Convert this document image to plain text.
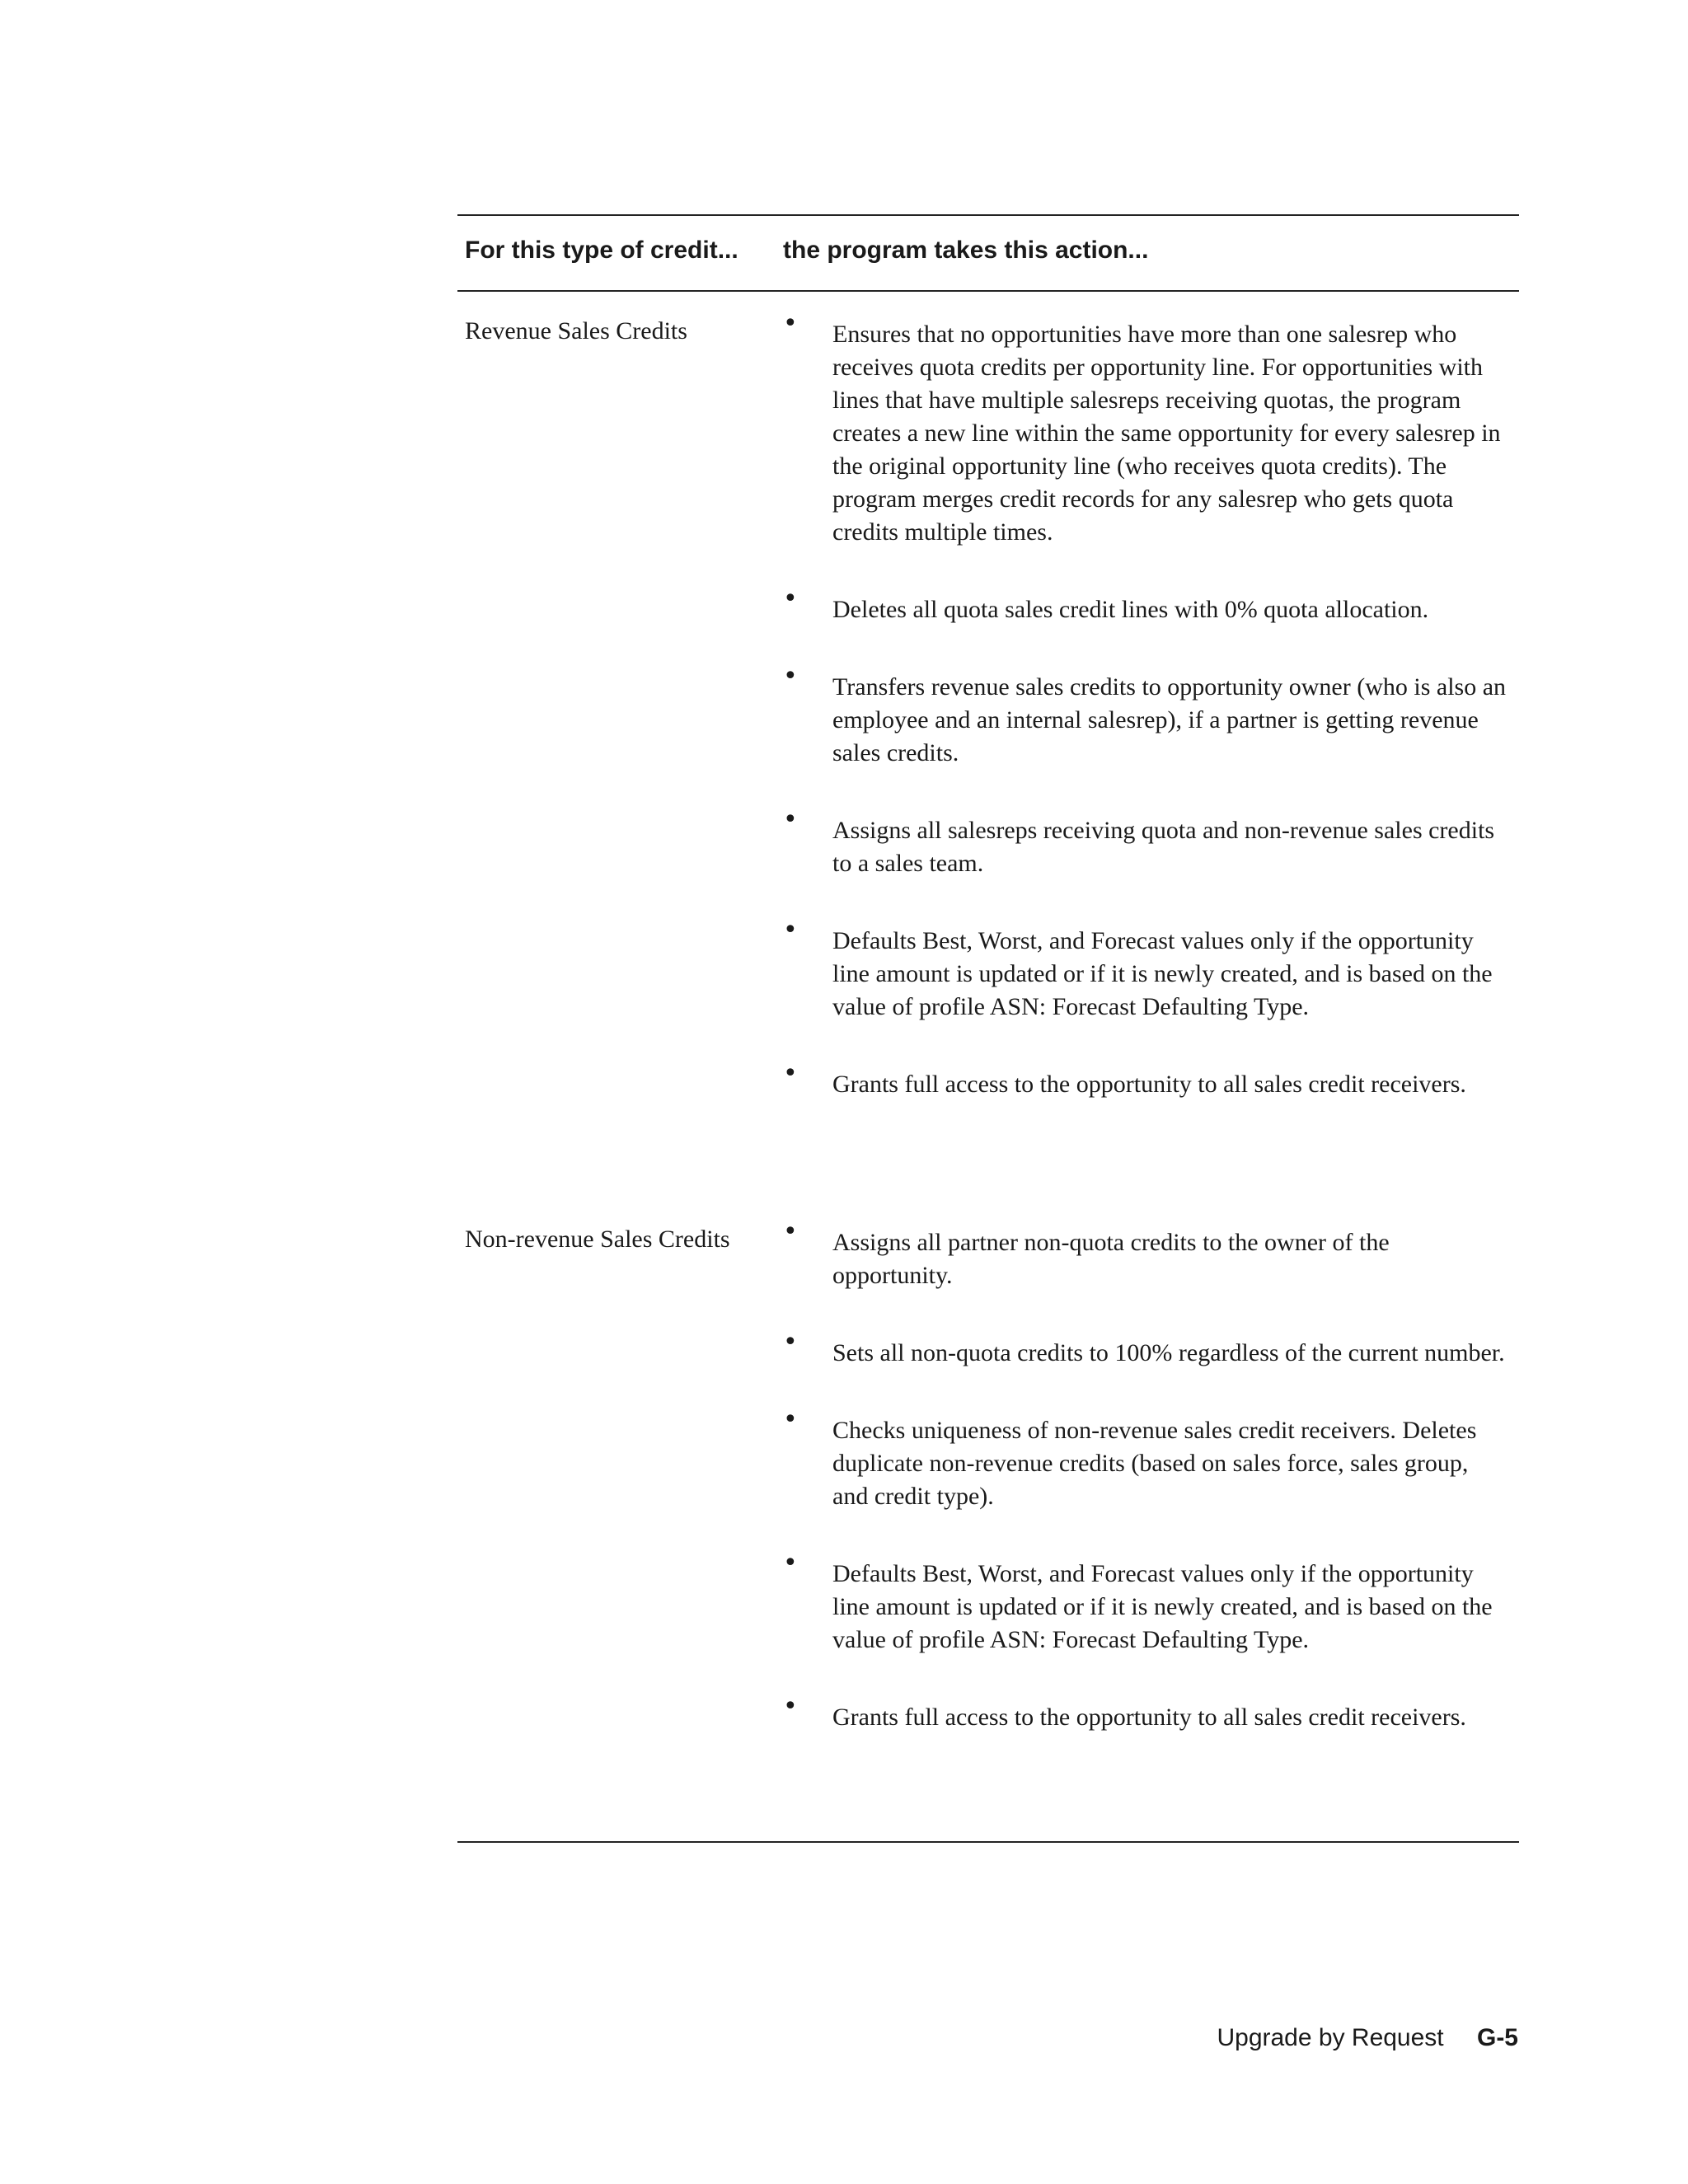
For this type of credit... the program takes this action...
Revenue Sales Credits	• Ensures that no opportunities have more than one salesrep who receives quota credits per opportunity line. For opportunities with lines that have multiple salesreps receiving quotas, the program creates a new line within the same opportunity for every salesrep in the original opportunity line (who receives quota credits). The program merges credit records for any salesrep who gets quota credits multiple times.
• Deletes all quota sales credit lines with 0% quota allocation.
• Transfers revenue sales credits to opportunity owner (who is also an employee and an internal salesrep), if a partner is getting revenue sales credits.
• Assigns all salesreps receiving quota and non-revenue sales credits to a sales team.
• Defaults Best, Worst, and Forecast values only if the opportunity line amount is updated or if it is newly created, and is based on the value of profile ASN: Forecast Defaulting Type.
• Grants full access to the opportunity to all sales credit receivers.
Non-revenue Sales Credits • Assigns all partner non-quota credits to the owner of the opportunity.
• Sets all non-quota credits to 100% regardless of the current number.
• Checks uniqueness of non-revenue sales credit receivers. Deletes duplicate non-revenue credits (based on sales force, sales group, and credit type).
• Defaults Best, Worst, and Forecast values only if the opportunity line amount is updated or if it is newly created, and is based on the value of profile ASN: Forecast Defaulting Type.
• Grants full access to the opportunity to all sales credit receivers.
Upgrade by Request G-5
